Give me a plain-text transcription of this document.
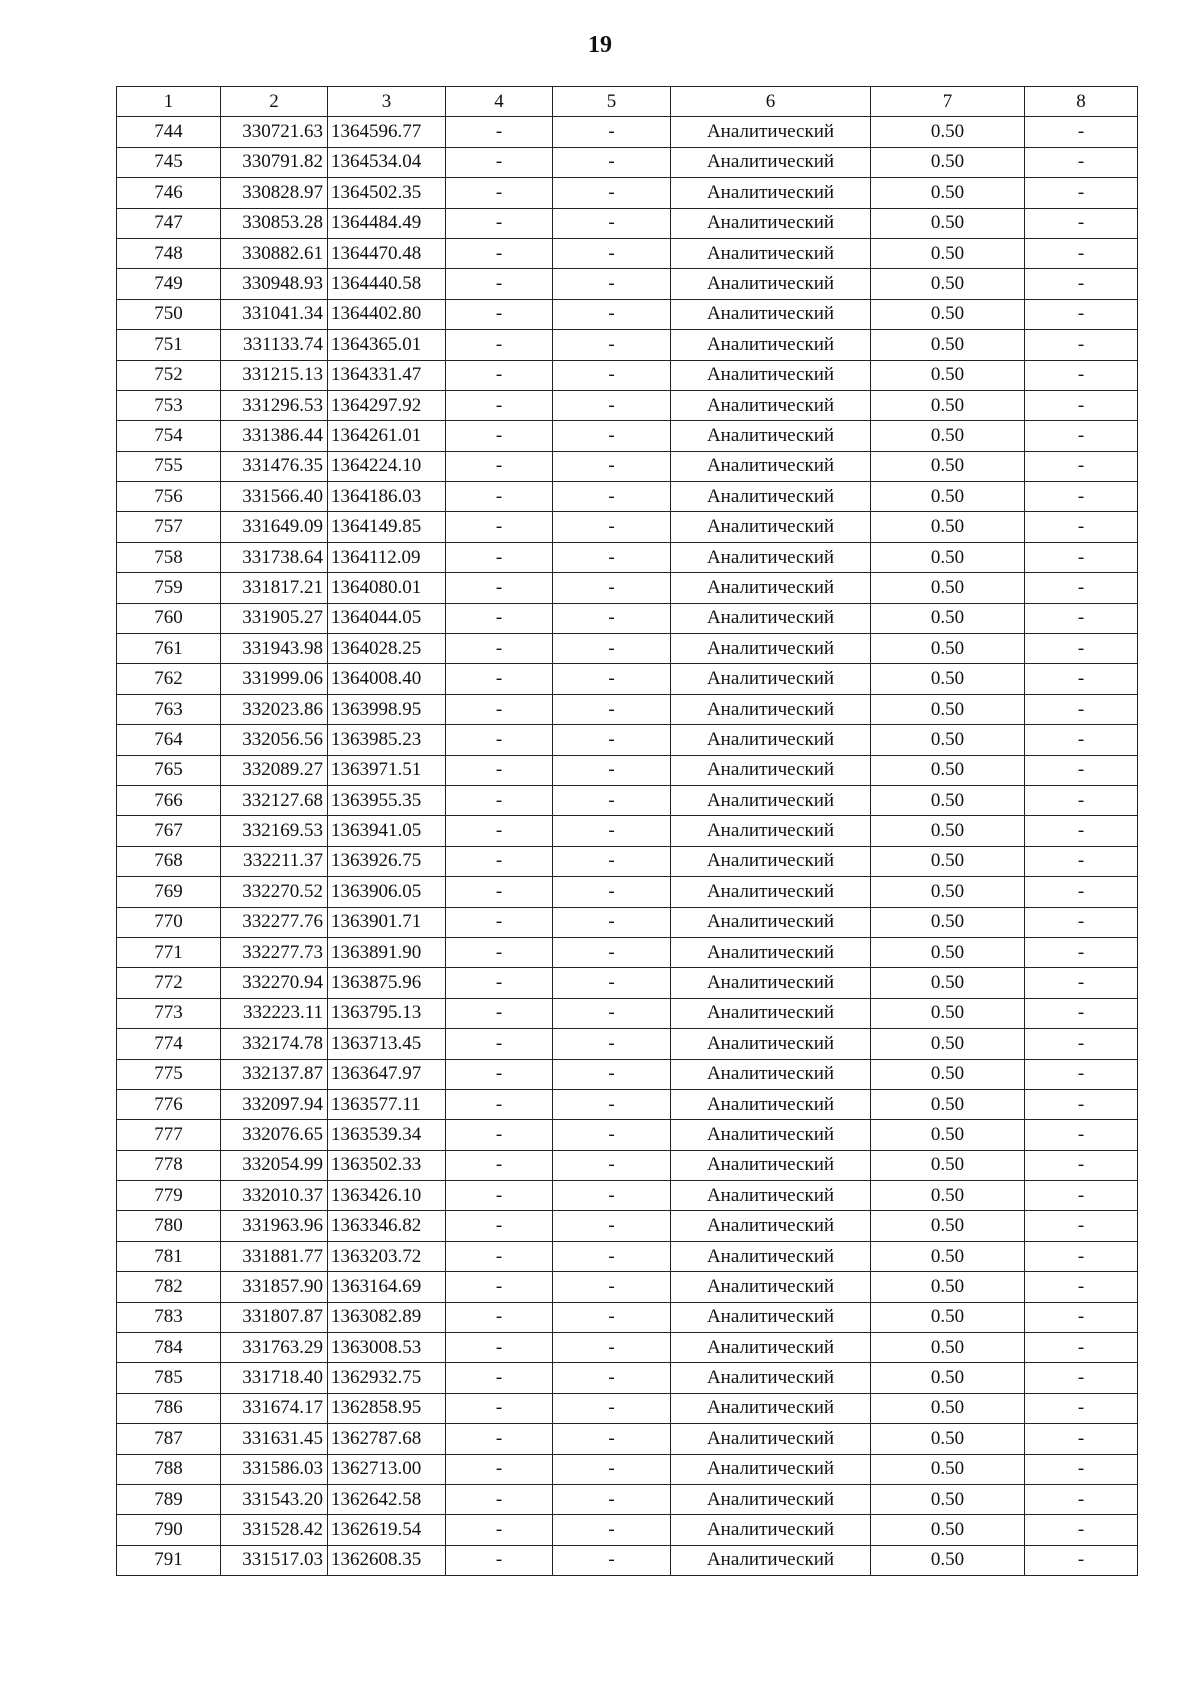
19
1	2	3	4	5	6	7	8
744	330721.63	1364596.77	-	-	Аналитический	0.50	-
745	330791.82	1364534.04	-	-	Аналитический	0.50	-
746	330828.97	1364502.35	-	-	Аналитический	0.50	-
747	330853.28	1364484.49	-	-	Аналитический	0.50	-
748	330882.61	1364470.48	-	-	Аналитический	0.50	-
749	330948.93	1364440.58	-	-	Аналитический	0.50	-
750	331041.34	1364402.80	-	-	Аналитический	0.50	-
751	331133.74	1364365.01	-	-	Аналитический	0.50	-
752	331215.13	1364331.47	-	-	Аналитический	0.50	-
753	331296.53	1364297.92	-	-	Аналитический	0.50	-
754	331386.44	1364261.01	-	-	Аналитический	0.50	-
755	331476.35	1364224.10	-	-	Аналитический	0.50	-
756	331566.40	1364186.03	-	-	Аналитический	0.50	-
757	331649.09	1364149.85	-	-	Аналитический	0.50	-
758	331738.64	1364112.09	-	-	Аналитический	0.50	-
759	331817.21	1364080.01	-	-	Аналитический	0.50	-
760	331905.27	1364044.05	-	-	Аналитический	0.50	-
761	331943.98	1364028.25	-	-	Аналитический	0.50	-
762	331999.06	1364008.40	-	-	Аналитический	0.50	-
763	332023.86	1363998.95	-	-	Аналитический	0.50	-
764	332056.56	1363985.23	-	-	Аналитический	0.50	-
765	332089.27	1363971.51	-	-	Аналитический	0.50	-
766	332127.68	1363955.35	-	-	Аналитический	0.50	-
767	332169.53	1363941.05	-	-	Аналитический	0.50	-
768	332211.37	1363926.75	-	-	Аналитический	0.50	-
769	332270.52	1363906.05	-	-	Аналитический	0.50	-
770	332277.76	1363901.71	-	-	Аналитический	0.50	-
771	332277.73	1363891.90	-	-	Аналитический	0.50	-
772	332270.94	1363875.96	-	-	Аналитический	0.50	-
773	332223.11	1363795.13	-	-	Аналитический	0.50	-
774	332174.78	1363713.45	-	-	Аналитический	0.50	-
775	332137.87	1363647.97	-	-	Аналитический	0.50	-
776	332097.94	1363577.11	-	-	Аналитический	0.50	-
777	332076.65	1363539.34	-	-	Аналитический	0.50	-
778	332054.99	1363502.33	-	-	Аналитический	0.50	-
779	332010.37	1363426.10	-	-	Аналитический	0.50	-
780	331963.96	1363346.82	-	-	Аналитический	0.50	-
781	331881.77	1363203.72	-	-	Аналитический	0.50	-
782	331857.90	1363164.69	-	-	Аналитический	0.50	-
783	331807.87	1363082.89	-	-	Аналитический	0.50	-
784	331763.29	1363008.53	-	-	Аналитический	0.50	-
785	331718.40	1362932.75	-	-	Аналитический	0.50	-
786	331674.17	1362858.95	-	-	Аналитический	0.50	-
787	331631.45	1362787.68	-	-	Аналитический	0.50	-
788	331586.03	1362713.00	-	-	Аналитический	0.50	-
789	331543.20	1362642.58	-	-	Аналитический	0.50	-
790	331528.42	1362619.54	-	-	Аналитический	0.50	-
791	331517.03	1362608.35	-	-	Аналитический	0.50	-
